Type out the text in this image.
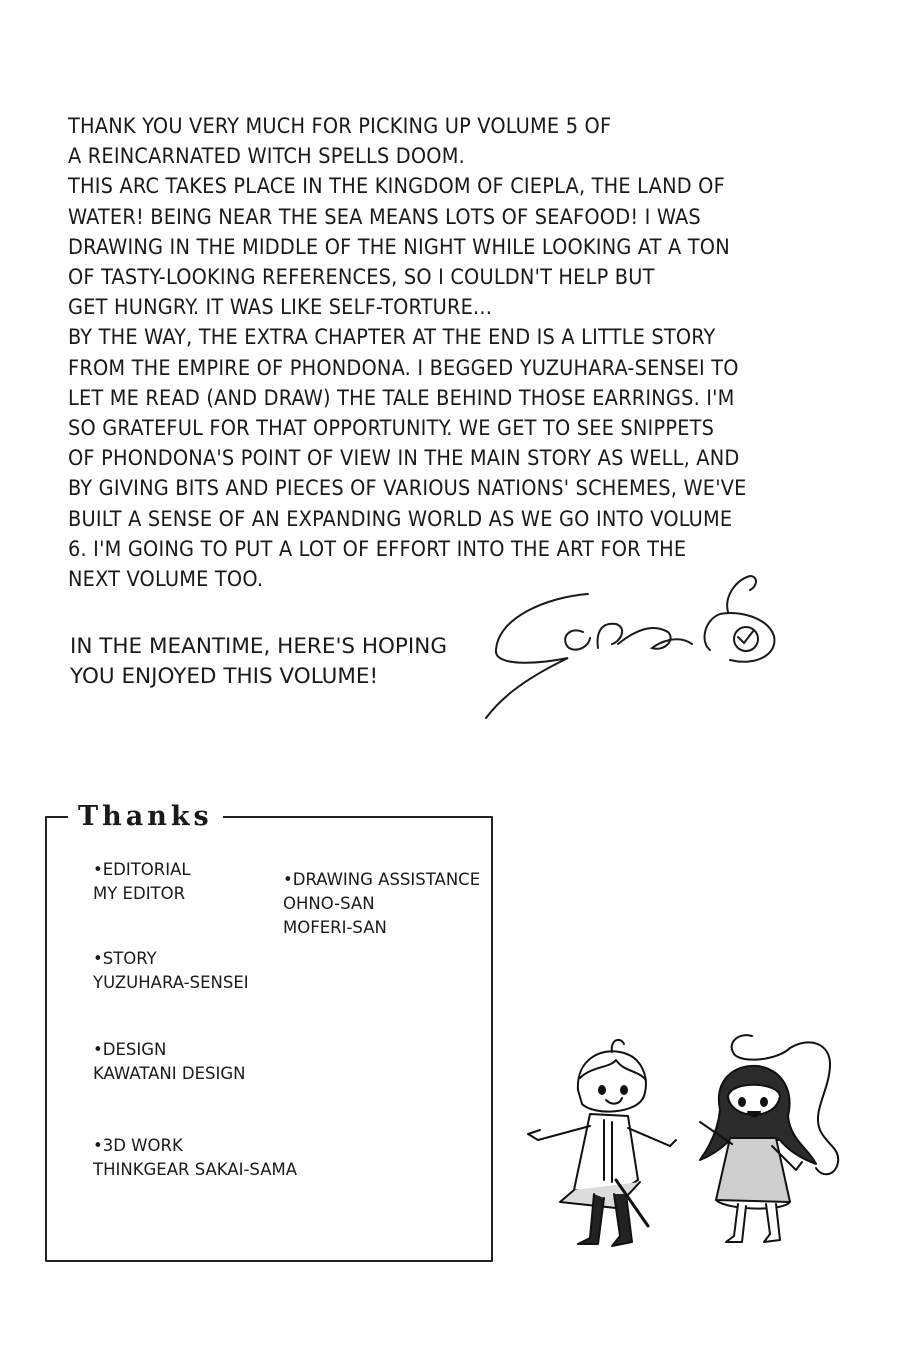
THANK YOU VERY MUCH FOR PICKING UP VOLUME 5 OF
A REINCARNATED WITCH SPELLS DOOM.
THIS ARC TAKES PLACE IN THE KINGDOM OF CIEPLA, THE LAND OF
WATER! BEING NEAR THE SEA MEANS LOTS OF SEAFOOD! I WAS
DRAWING IN THE MIDDLE OF THE NIGHT WHILE LOOKING AT A TON
OF TASTY-LOOKING REFERENCES, SO I COULDN'T HELP BUT
GET HUNGRY. IT WAS LIKE SELF-TORTURE...
BY THE WAY, THE EXTRA CHAPTER AT THE END IS A LITTLE STORY
FROM THE EMPIRE OF PHONDONA. I BEGGED YUZUHARA-SENSEI TO
LET ME READ (AND DRAW) THE TALE BEHIND THOSE EARRINGS. I'M
SO GRATEFUL FOR THAT OPPORTUNITY. WE GET TO SEE SNIPPETS
OF PHONDONA'S POINT OF VIEW IN THE MAIN STORY AS WELL, AND
BY GIVING BITS AND PIECES OF VARIOUS NATIONS' SCHEMES, WE'VE
BUILT A SENSE OF AN EXPANDING WORLD AS WE GO INTO VOLUME
6. I'M GOING TO PUT A LOT OF EFFORT INTO THE ART FOR THE
NEXT VOLUME TOO.
IN THE MEANTIME, HERE'S HOPING
YOU ENJOYED THIS VOLUME!
Thanks
•EDITORIAL
MY EDITOR
•DRAWING ASSISTANCE
OHNO-SAN
MOFERI-SAN
•STORY
YUZUHARA-SENSEI
•DESIGN
KAWATANI DESIGN
•3D WORK
THINKGEAR SAKAI-SAMA
